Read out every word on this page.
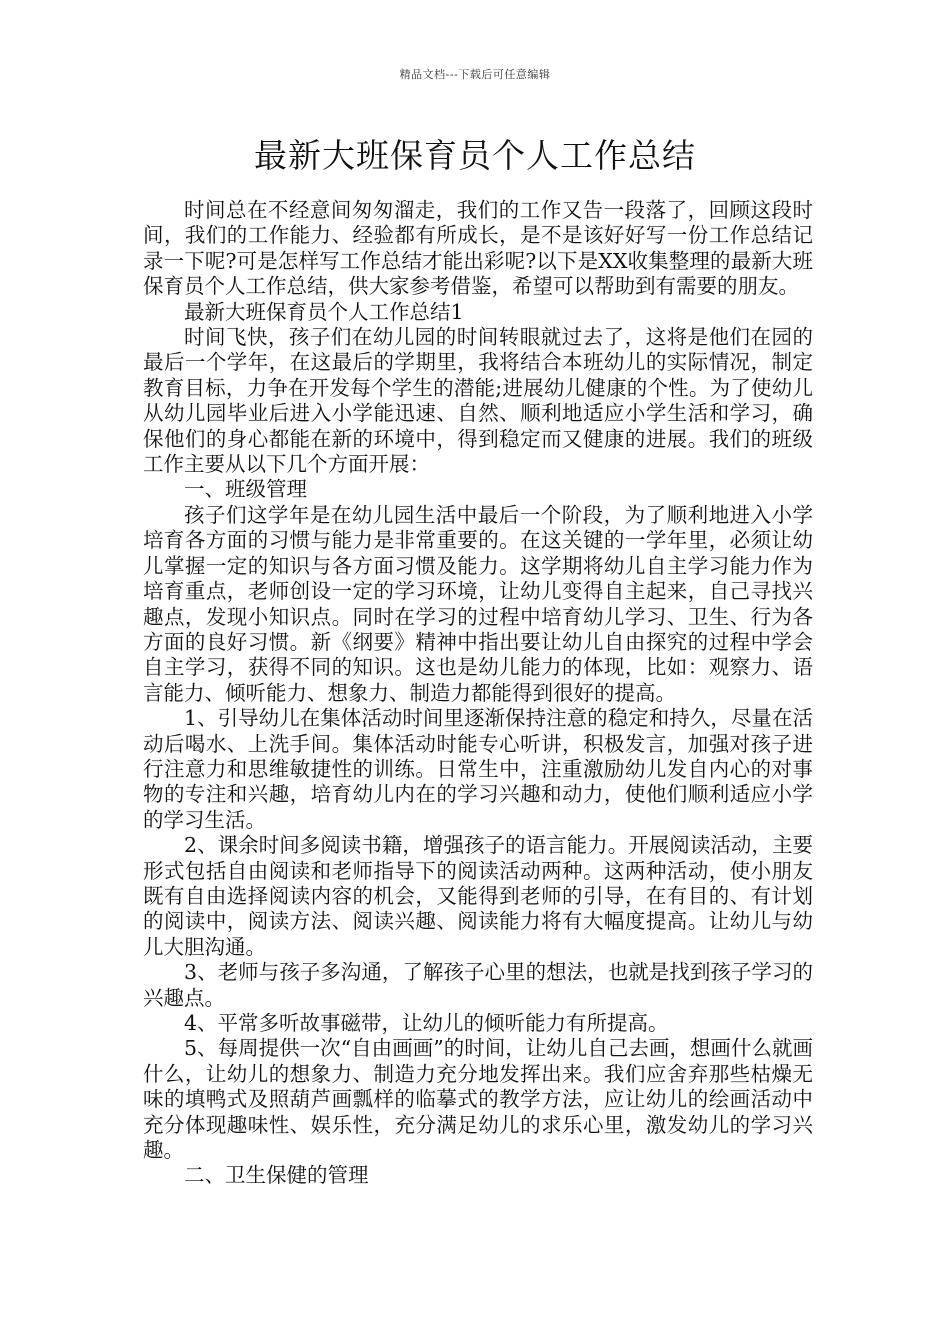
精品文档---下载后可任意编辑
最新大班保育员个人工作总结

时间总在不经意间匆匆溜走，我们的工作又告一段落了，回顾这段时间，我们的工作能力、经验都有所成长，是不是该好好写一份工作总结记录一下呢?可是怎样写工作总结才能出彩呢?以下是XX收集整理的最新大班保育员个人工作总结，供大家参考借鉴，希望可以帮助到有需要的朋友。

最新大班保育员个人工作总结1

时间飞快，孩子们在幼儿园的时间转眼就过去了，这将是他们在园的最后一个学年，在这最后的学期里，我将结合本班幼儿的实际情况，制定教育目标，力争在开发每个学生的潜能;进展幼儿健康的个性。为了使幼儿从幼儿园毕业后进入小学能迅速、自然、顺利地适应小学生活和学习，确保他们的身心都能在新的环境中，得到稳定而又健康的进展。我们的班级工作主要从以下几个方面开展：

一、班级管理

孩子们这学年是在幼儿园生活中最后一个阶段，为了顺利地进入小学培育各方面的习惯与能力是非常重要的。在这关键的一学年里，必须让幼儿掌握一定的知识与各方面习惯及能力。这学期将幼儿自主学习能力作为培育重点，老师创设一定的学习环境，让幼儿变得自主起来，自己寻找兴趣点，发现小知识点。同时在学习的过程中培育幼儿学习、卫生、行为各方面的良好习惯。新《纲要》精神中指出要让幼儿自由探究的过程中学会自主学习，获得不同的知识。这也是幼儿能力的体现，比如：观察力、语言能力、倾听能力、想象力、制造力都能得到很好的提高。

1、引导幼儿在集体活动时间里逐渐保持注意的稳定和持久，尽量在活动后喝水、上洗手间。集体活动时能专心听讲，积极发言，加强对孩子进行注意力和思维敏捷性的训练。日常生中，注重激励幼儿发自内心的对事物的专注和兴趣，培育幼儿内在的学习兴趣和动力，使他们顺利适应小学的学习生活。

2、课余时间多阅读书籍，增强孩子的语言能力。开展阅读活动，主要形式包括自由阅读和老师指导下的阅读活动两种。这两种活动，使小朋友既有自由选择阅读内容的机会，又能得到老师的引导，在有目的、有计划的阅读中，阅读方法、阅读兴趣、阅读能力将有大幅度提高。让幼儿与幼儿大胆沟通。

3、老师与孩子多沟通，了解孩子心里的想法，也就是找到孩子学习的兴趣点。

4、平常多听故事磁带，让幼儿的倾听能力有所提高。

5、每周提供一次“自由画画”的时间，让幼儿自己去画，想画什么就画什么，让幼儿的想象力、制造力充分地发挥出来。我们应舍弃那些枯燥无味的填鸭式及照葫芦画瓢样的临摹式的教学方法，应让幼儿的绘画活动中充分体现趣味性、娱乐性，充分满足幼儿的求乐心里，激发幼儿的学习兴趣。

二、卫生保健的管理
